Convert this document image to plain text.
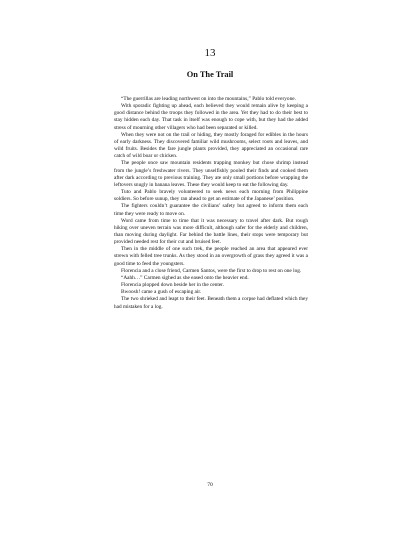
13
On The Trail

“The guerrillas are leading northwest on into the mountains,” Pablo told everyone.

With sporadic fighting up ahead, each believed they would remain alive by keeping a good distance behind the troops they followed in the area. Yet they had to do their best to stay hidden each day. That task in itself was enough to cope with, but they had the added stress of mourning other villagers who had been separated or killed.

When they were not on the trail or hiding, they mostly foraged for edibles in the hours of early darkness. They discovered familiar wild mushrooms, select roots and leaves, and wild fruits. Besides the fare jungle plants provided, they appreciated an occasional rare catch of wild boar or chicken.

The people once saw mountain residents trapping monkey but chose shrimp instead from the jungle’s freshwater rivers. They unselfishly pooled their finds and cooked them after dark according to previous training. They ate only small portions before wrapping the leftovers snugly in banana leaves. These they would keep to eat the following day.

Tuto and Pablo bravely volunteered to seek news each morning from Philippine soldiers. So before sunup, they ran ahead to get an estimate of the Japanese’ position.

The fighters couldn’t guarantee the civilians’ safety but agreed to inform them each time they were ready to move on.

Word came from time to time that it was necessary to travel after dark. But rough hiking over uneven terrain was more difficult, although safer for the elderly and children, than moving during daylight. Far behind the battle lines, their stops were temporary but provided needed rest for their cut and bruised feet.

Then in the middle of one such trek, the people reached an area that appeared ever strewn with felled tree trunks. As they stood in an overgrowth of grass they agreed it was a good time to feed the youngsters.

Florencia and a close friend, Carmen Santos, were the first to drop to rest on one log.

“Aahh…” Carmen sighed as she eased onto the heavier end.

Florencia plopped down beside her in the center.

Bwoosh! came a gush of escaping air.

The two shrieked and leapt to their feet. Beneath them a corpse had deflated which they had mistaken for a log.

70
